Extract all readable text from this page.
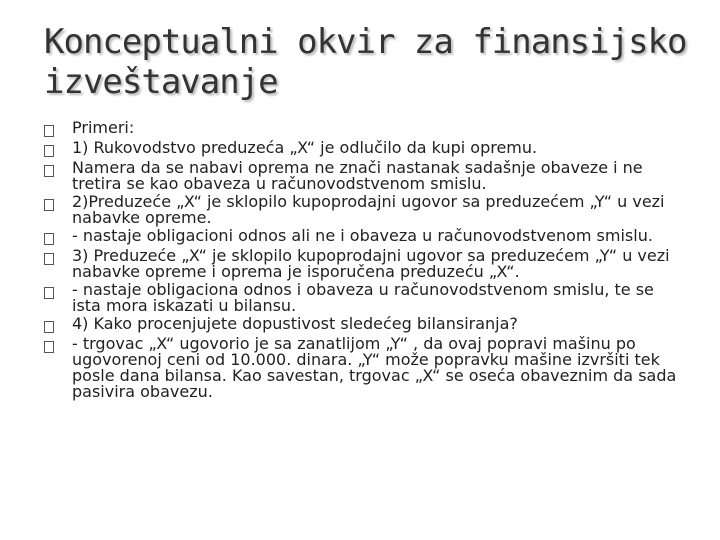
Konceptualni okvir za finansijsko
izveštavanje
Primeri:
1) Rukovodstvo preduzeća „X“ je odlučilo da kupi opremu.
Namera da se nabavi oprema ne znači nastanak sadašnje obaveze i ne tretira se kao obaveza u računovodstvenom smislu.
2)Preduzeće „X“ je sklopilo kupoprodajni ugovor sa preduzećem „Y“ u vezi nabavke opreme.
- nastaje obligacioni odnos ali ne i obaveza u računovodstvenom smislu.
3) Preduzeće „X“ je sklopilo kupoprodajni ugovor sa preduzećem „Y“ u vezi nabavke opreme i oprema je isporučena preduzeću „X“.
- nastaje obligaciona odnos i obaveza u računovodstvenom smislu, te se ista mora iskazati u bilansu.
4) Kako procenjujete dopustivost sledećeg bilansiranja?
- trgovac „X“ ugovorio je sa zanatlijom „Y“ , da ovaj popravi mašinu po ugovorenoj ceni od 10.000. dinara. „Y“ može popravku mašine izvršiti tek posle dana bilansa. Kao savestan, trgovac „X“ se oseća obaveznim da sada pasivira obavezu.
